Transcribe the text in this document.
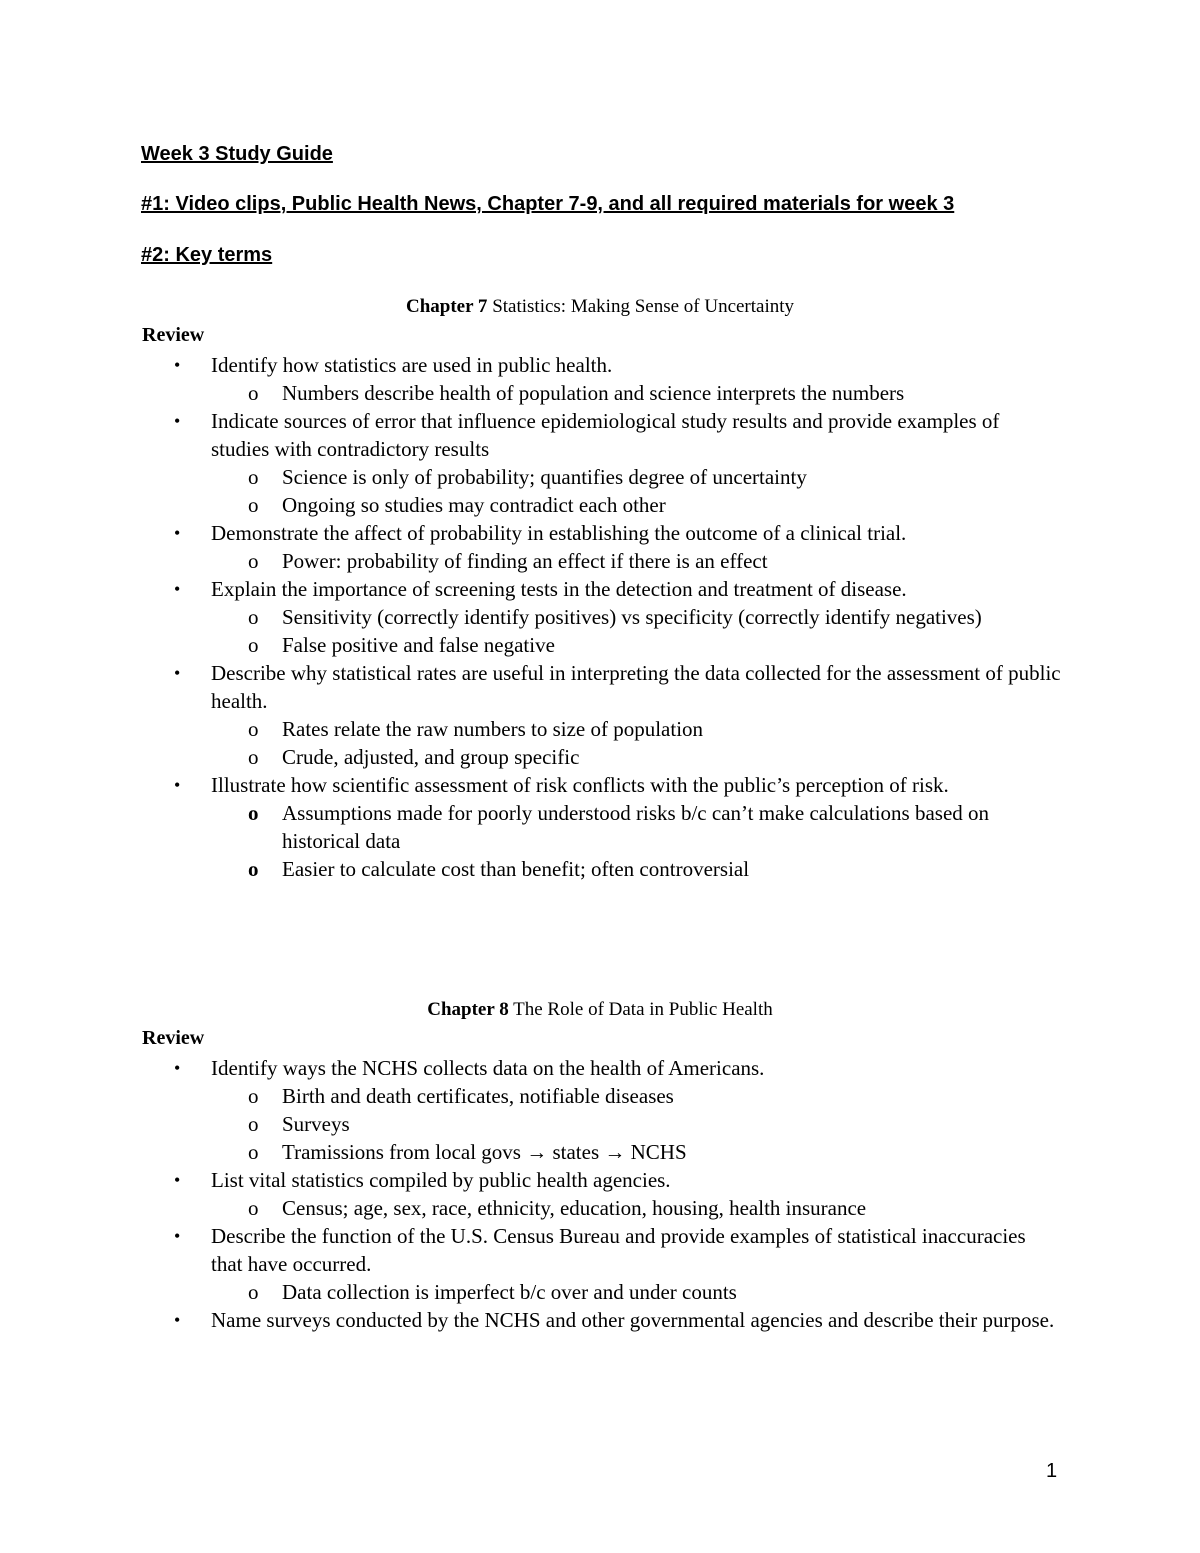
Week 3 Study Guide
#1: Video clips, Public Health News, Chapter 7-9, and all required materials for week 3
#2: Key terms
Chapter 7 Statistics: Making Sense of Uncertainty
Review
• Identify how statistics are used in public health.
o Numbers describe health of population and science interprets the numbers
• Indicate sources of error that influence epidemiological study results and provide examples of studies with contradictory results
o Science is only of probability; quantifies degree of uncertainty
o Ongoing so studies may contradict each other
• Demonstrate the affect of probability in establishing the outcome of a clinical trial.
o Power: probability of finding an effect if there is an effect
• Explain the importance of screening tests in the detection and treatment of disease.
o Sensitivity (correctly identify positives) vs specificity (correctly identify negatives)
o False positive and false negative
• Describe why statistical rates are useful in interpreting the data collected for the assessment of public health.
o Rates relate the raw numbers to size of population
o Crude, adjusted, and group specific
• Illustrate how scientific assessment of risk conflicts with the public’s perception of risk.
o Assumptions made for poorly understood risks b/c can’t make calculations based on historical data
o Easier to calculate cost than benefit; often controversial
Chapter 8 The Role of Data in Public Health
Review
• Identify ways the NCHS collects data on the health of Americans.
o Birth and death certificates, notifiable diseases
o Surveys
o Tramissions from local govs → states → NCHS
• List vital statistics compiled by public health agencies.
o Census; age, sex, race, ethnicity, education, housing, health insurance
• Describe the function of the U.S. Census Bureau and provide examples of statistical inaccuracies that have occurred.
o Data collection is imperfect b/c over and under counts
• Name surveys conducted by the NCHS and other governmental agencies and describe their purpose.
1
